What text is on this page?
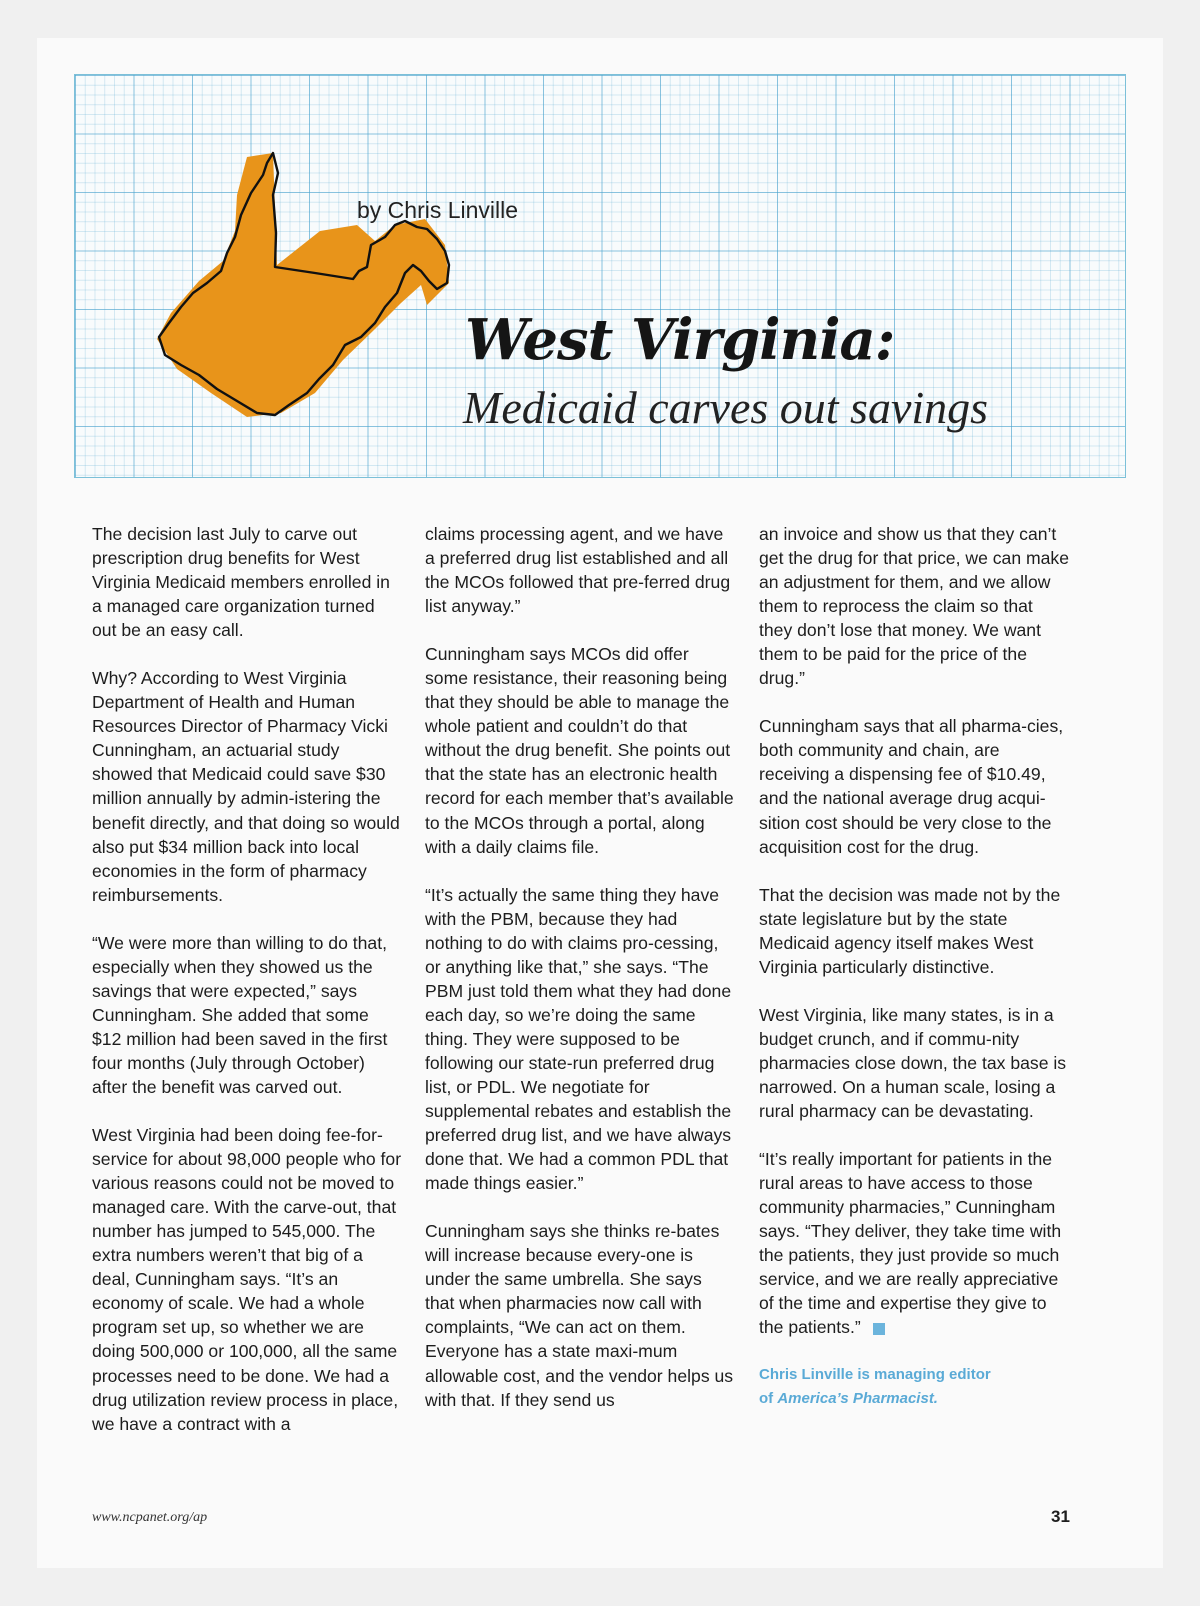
by Chris Linville
West Virginia:
Medicaid carves out savings

The decision last July to carve out prescription drug benefits for West Virginia Medicaid members enrolled in a managed care organization turned out be an easy call.

Why? According to West Virginia Department of Health and Human Resources Director of Pharmacy Vicki Cunningham, an actuarial study showed that Medicaid could save $30 million annually by admin-istering the benefit directly, and that doing so would also put $34 million back into local economies in the form of pharmacy reimbursements.

“We were more than willing to do that, especially when they showed us the savings that were expected,” says Cunningham. She added that some $12 million had been saved in the first four months (July through October) after the benefit was carved out.

West Virginia had been doing fee-for-service for about 98,000 people who for various reasons could not be moved to managed care. With the carve-out, that number has jumped to 545,000. The extra numbers weren’t that big of a deal, Cunningham says. “It’s an economy of scale. We had a whole program set up, so whether we are doing 500,000 or 100,000, all the same processes need to be done. We had a drug utilization review process in place, we have a contract with a

claims processing agent, and we have a preferred drug list established and all the MCOs followed that pre-ferred drug list anyway.”

Cunningham says MCOs did offer some resistance, their reasoning being that they should be able to manage the whole patient and couldn’t do that without the drug benefit. She points out that the state has an electronic health record for each member that’s available to the MCOs through a portal, along with a daily claims file.

“It’s actually the same thing they have with the PBM, because they had nothing to do with claims pro-cessing, or anything like that,” she says. “The PBM just told them what they had done each day, so we’re doing the same thing. They were supposed to be following our state-run preferred drug list, or PDL. We negotiate for supplemental rebates and establish the preferred drug list, and we have always done that. We had a common PDL that made things easier.”

Cunningham says she thinks re-bates will increase because every-one is under the same umbrella. She says that when pharmacies now call with complaints, “We can act on them. Everyone has a state maxi-mum allowable cost, and the vendor helps us with that. If they send us

an invoice and show us that they can’t get the drug for that price, we can make an adjustment for them, and we allow them to reprocess the claim so that they don’t lose that money. We want them to be paid for the price of the drug.”

Cunningham says that all pharma-cies, both community and chain, are receiving a dispensing fee of $10.49, and the national average drug acqui-sition cost should be very close to the acquisition cost for the drug.

That the decision was made not by the state legislature but by the state Medicaid agency itself makes West Virginia particularly distinctive.

West Virginia, like many states, is in a budget crunch, and if commu-nity pharmacies close down, the tax base is narrowed. On a human scale, losing a rural pharmacy can be devastating.

“It’s really important for patients in the rural areas to have access to those community pharmacies,” Cunningham says. “They deliver, they take time with the patients, they just provide so much service, and we are really appreciative of the time and expertise they give to the patients.”

Chris Linville is managing editor
of America’s Pharmacist.
www.ncpanet.org/ap	31
